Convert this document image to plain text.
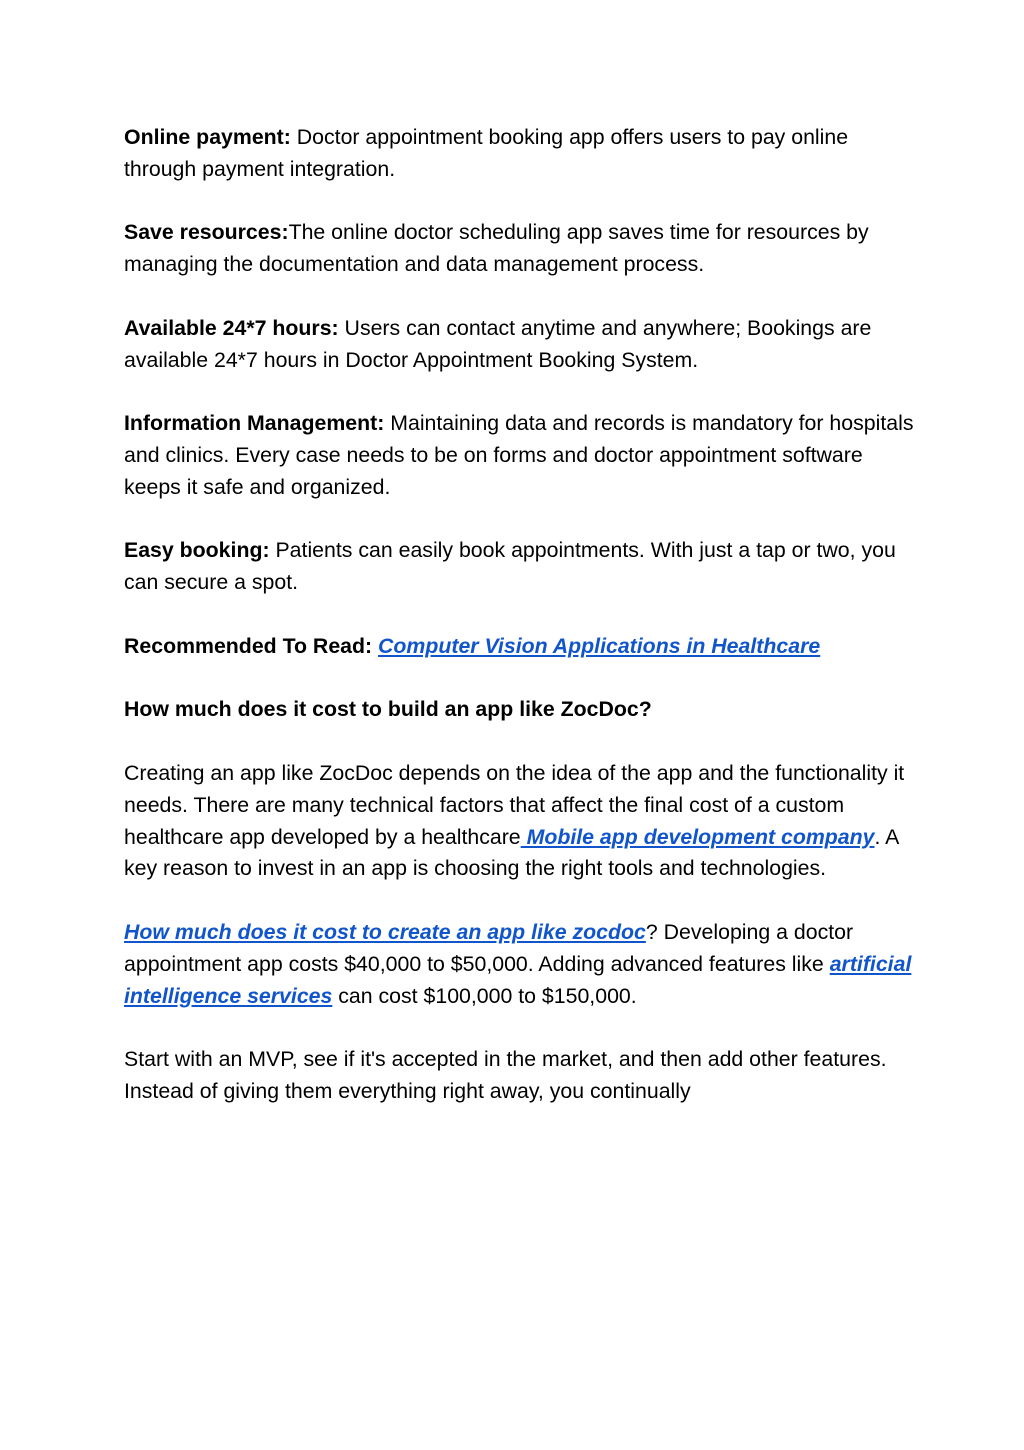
Online payment: Doctor appointment booking app offers users to pay online through payment integration.

Save resources:The online doctor scheduling app saves time for resources by managing the documentation and data management process.

Available 24*7 hours: Users can contact anytime and anywhere; Bookings are available 24*7 hours in Doctor Appointment Booking System.

Information Management: Maintaining data and records is mandatory for hospitals and clinics. Every case needs to be on forms and doctor appointment software keeps it safe and organized.

Easy booking: Patients can easily book appointments. With just a tap or two, you can secure a spot.

Recommended To Read: Computer Vision Applications in Healthcare

How much does it cost to build an app like ZocDoc?

Creating an app like ZocDoc depends on the idea of the app and the functionality it needs. There are many technical factors that affect the final cost of a custom healthcare app developed by a healthcare Mobile app development company. A key reason to invest in an app is choosing the right tools and technologies.

How much does it cost to create an app like zocdoc? Developing a doctor appointment app costs $40,000 to $50,000. Adding advanced features like artificial intelligence services can cost $100,000 to $150,000.

Start with an MVP, see if it's accepted in the market, and then add other features. Instead of giving them everything right away, you continually
